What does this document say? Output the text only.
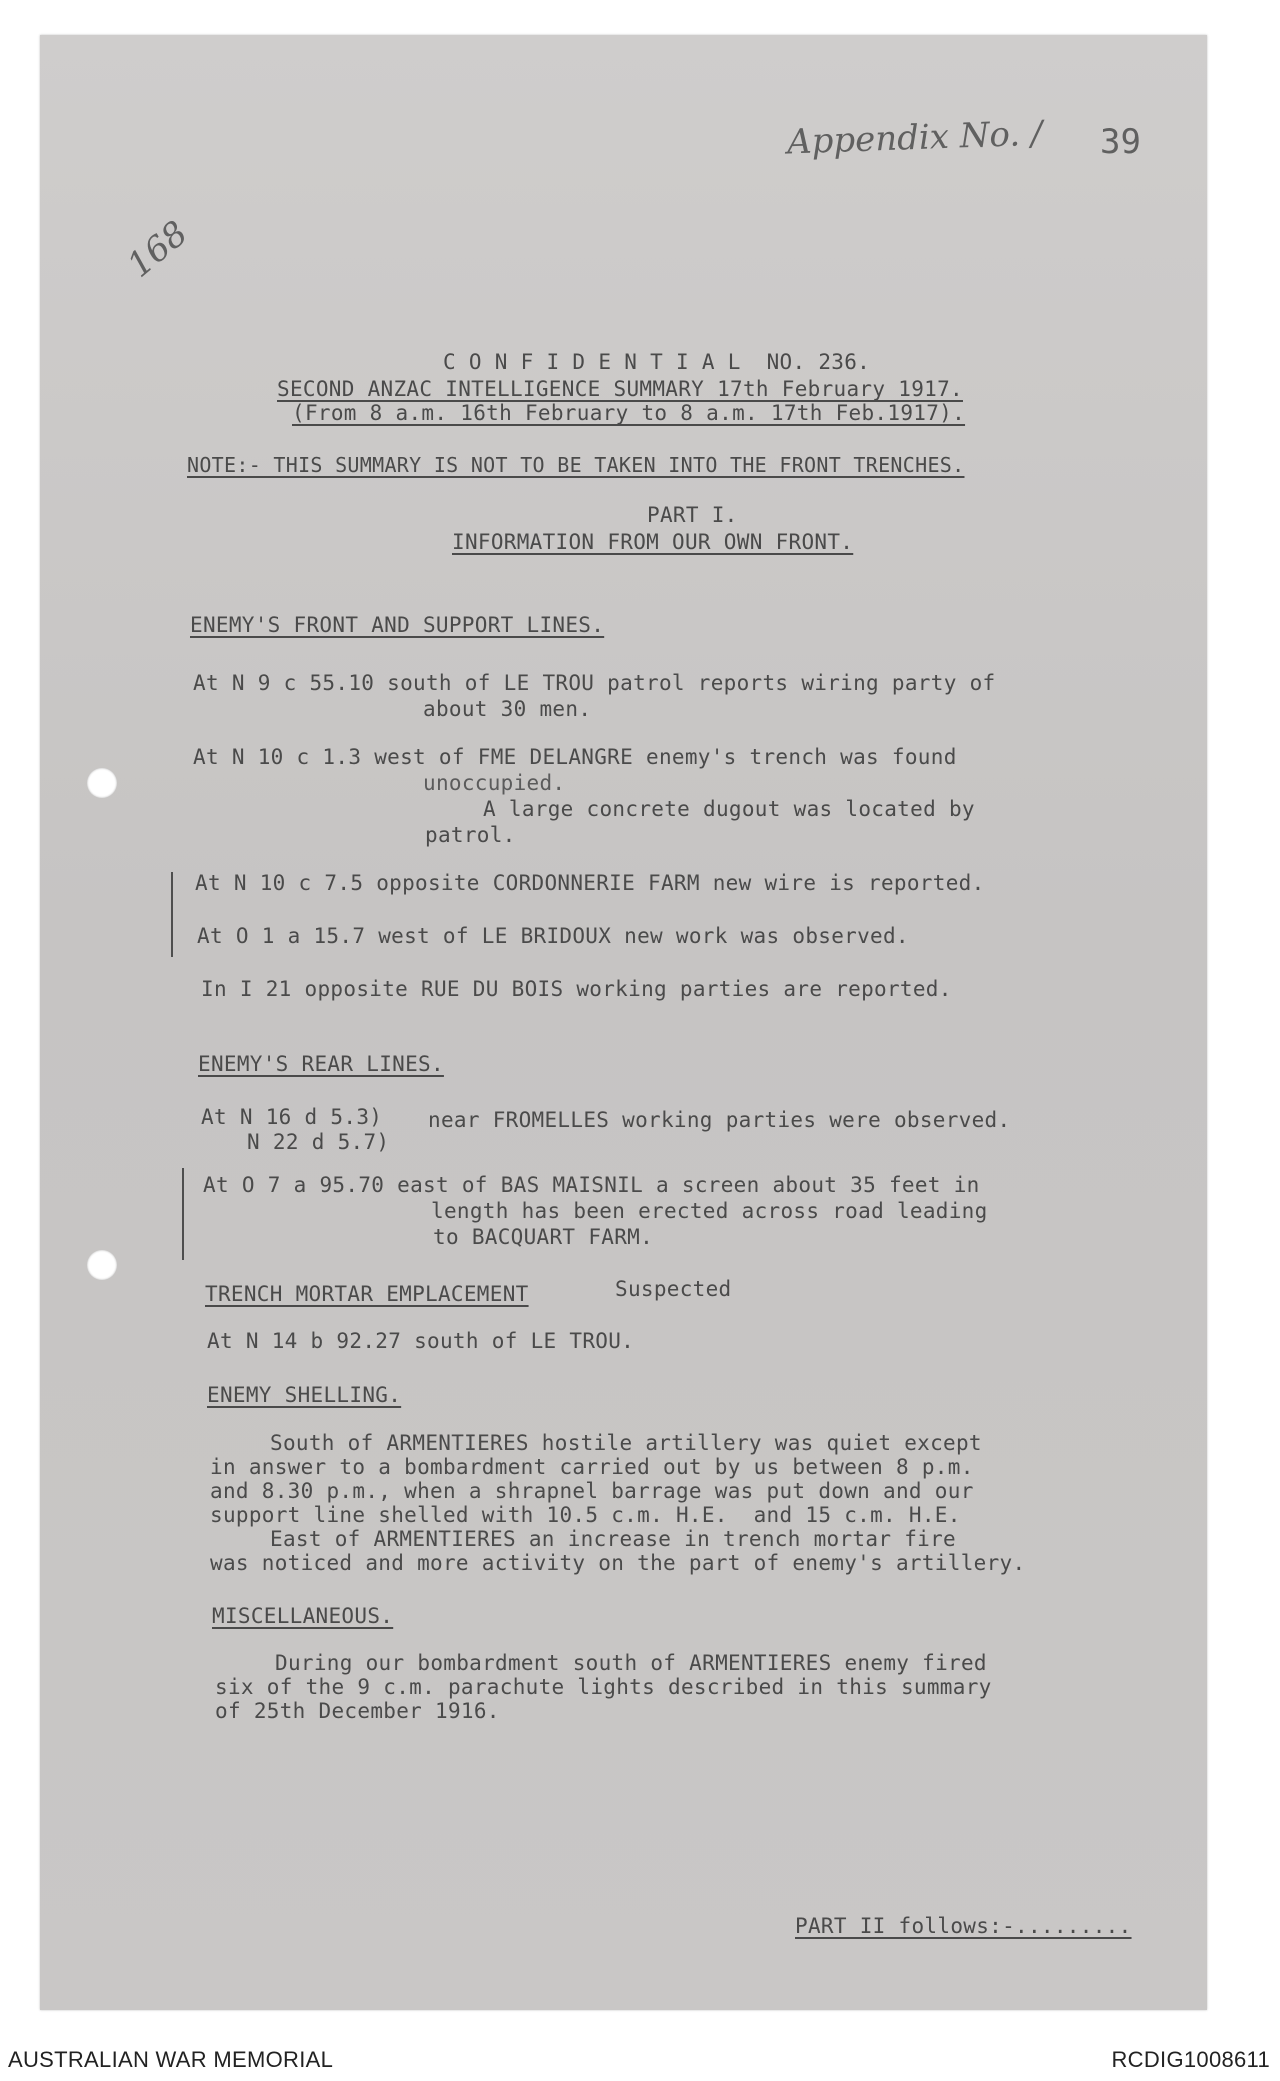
Appendix No. / 39
168
C O N F I D E N T I A L  NO. 236.
SECOND ANZAC INTELLIGENCE SUMMARY 17th February 1917.
(From 8 a.m. 16th February to 8 a.m. 17th Feb.1917).
NOTE:- THIS SUMMARY IS NOT TO BE TAKEN INTO THE FRONT TRENCHES.
PART I.
INFORMATION FROM OUR OWN FRONT.
ENEMY'S FRONT AND SUPPORT LINES.
At N 9 c 55.10 south of LE TROU patrol reports wiring party of
about 30 men.
At N 10 c 1.3 west of FME DELANGRE enemy's trench was found
unoccupied.
A large concrete dugout was located by
patrol.
At N 10 c 7.5 opposite CORDONNERIE FARM new wire is reported.
At O 1 a 15.7 west of LE BRIDOUX new work was observed.
In I 21 opposite RUE DU BOIS working parties are reported.
ENEMY'S REAR LINES.
At N 16 d 5.3)
N 22 d 5.7)
near FROMELLES working parties were observed.
At O 7 a 95.70 east of BAS MAISNIL a screen about 35 feet in
length has been erected across road leading
to BACQUART FARM.
TRENCH MORTAR EMPLACEMENT	Suspected
At N 14 b 92.27 south of LE TROU.
ENEMY SHELLING.
South of ARMENTIERES hostile artillery was quiet except
in answer to a bombardment carried out by us between 8 p.m.
and 8.30 p.m., when a shrapnel barrage was put down and our
support line shelled with 10.5 c.m. H.E.  and 15 c.m. H.E.
East of ARMENTIERES an increase in trench mortar fire
was noticed and more activity on the part of enemy's artillery.
MISCELLANEOUS.
During our bombardment south of ARMENTIERES enemy fired
six of the 9 c.m. parachute lights described in this summary
of 25th December 1916.
PART II follows:-.........
AUSTRALIAN WAR MEMORIAL	RCDIG1008611
